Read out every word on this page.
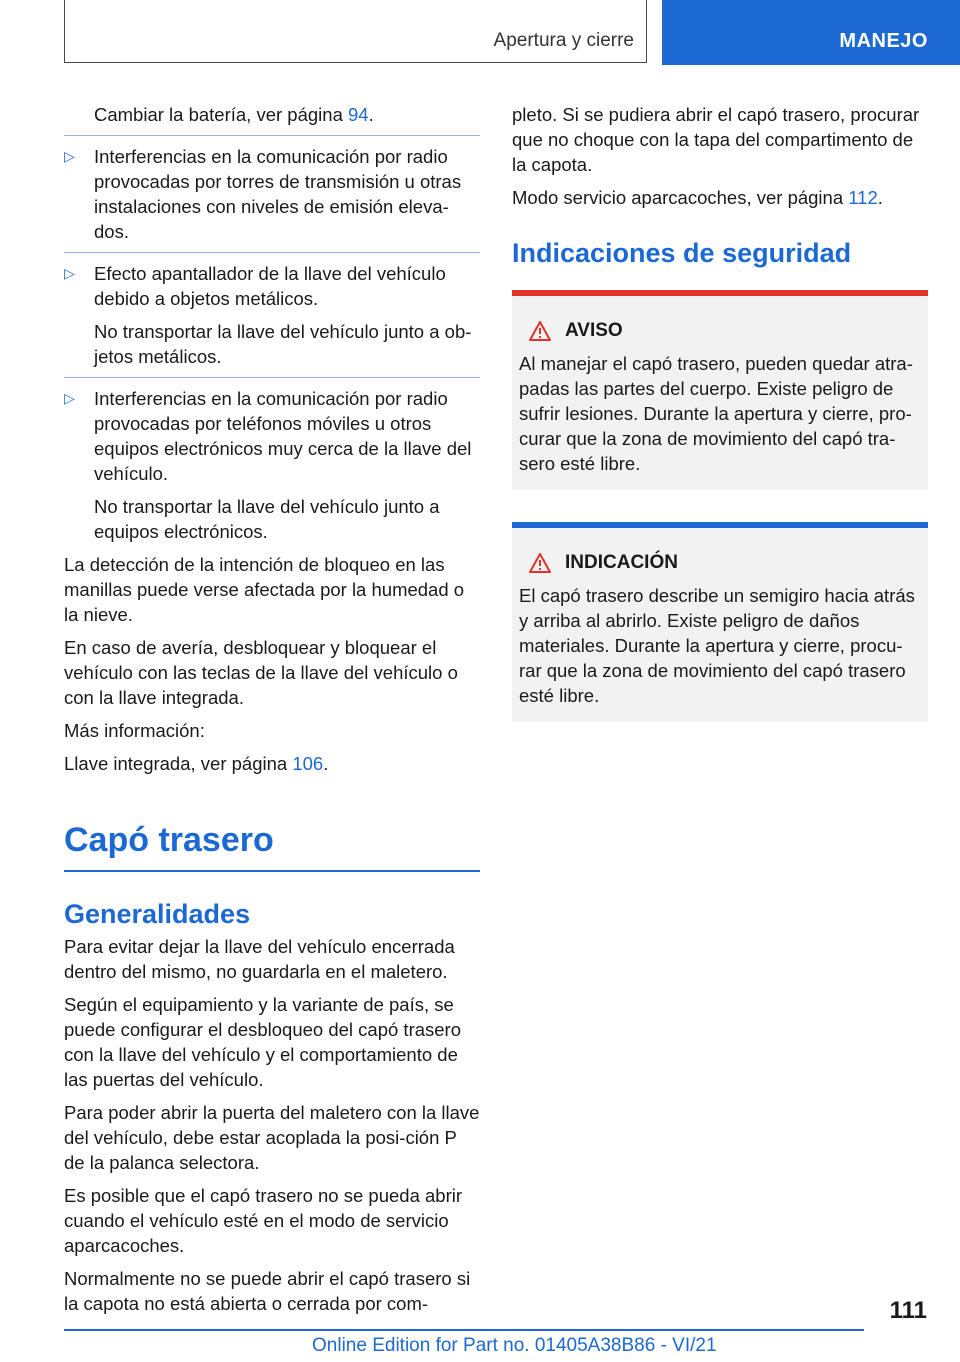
Apertura y cierre	MANEJO

Cambiar la batería, ver página 94.

▷ Interferencias en la comunicación por radio provocadas por torres de transmisión u otras instalaciones con niveles de emisión eleva-dos.
▷ Efecto apantallador de la llave del vehículo debido a objetos metálicos.

No transportar la llave del vehículo junto a ob-jetos metálicos.

▷ Interferencias en la comunicación por radio provocadas por teléfonos móviles u otros equipos electrónicos muy cerca de la llave del vehículo.

No transportar la llave del vehículo junto a equipos electrónicos.

La detección de la intención de bloqueo en las manillas puede verse afectada por la humedad o la nieve.

En caso de avería, desbloquear y bloquear el vehículo con las teclas de la llave del vehículo o con la llave integrada.

Más información:

Llave integrada, ver página 106.

Capó trasero
Generalidades

Para evitar dejar la llave del vehículo encerrada dentro del mismo, no guardarla en el maletero.

Según el equipamiento y la variante de país, se puede configurar el desbloqueo del capó trasero con la llave del vehículo y el comportamiento de las puertas del vehículo.

Para poder abrir la puerta del maletero con la llave del vehículo, debe estar acoplada la posi-ción P de la palanca selectora.

Es posible que el capó trasero no se pueda abrir cuando el vehículo esté en el modo de servicio aparcacoches.

Normalmente no se puede abrir el capó trasero si la capota no está abierta o cerrada por com-

pleto. Si se pudiera abrir el capó trasero, procurar que no choque con la tapa del compartimento de la capota.

Modo servicio aparcacoches, ver página 112.

Indicaciones de seguridad
AVISO

Al manejar el capó trasero, pueden quedar atra-padas las partes del cuerpo. Existe peligro de sufrir lesiones. Durante la apertura y cierre, pro-curar que la zona de movimiento del capó tra-sero esté libre.

INDICACIÓN

El capó trasero describe un semigiro hacia atrás y arriba al abrirlo. Existe peligro de daños materiales. Durante la apertura y cierre, procu-rar que la zona de movimiento del capó trasero esté libre.

111
Online Edition for Part no. 01405A38B86 - VI/21
